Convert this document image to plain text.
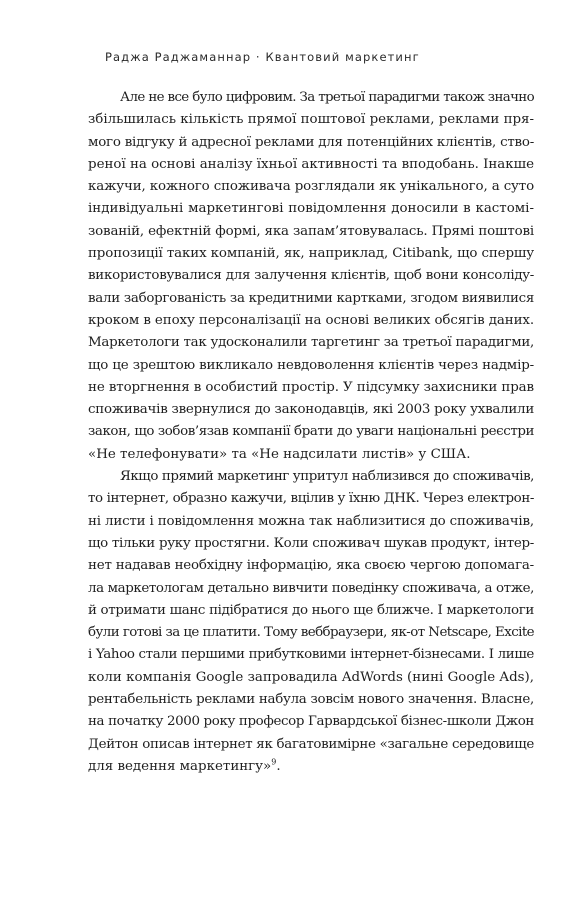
Раджа Раджаманнар · Квантовий маркетинг

Але не все було цифровим. За третьої парадигми також значно
збільшилась кількість прямої поштової реклами, реклами пря-
мого відгуку й адресної реклами для потенційних клієнтів, ство-
реної на основі аналізу їхньої активності та вподобань. Інакше
кажучи, кожного споживача розглядали як унікального, а суто
індивідуальні маркетингові повідомлення доносили в кастомі-
зованій, ефектній формі, яка запам’ятовувалась. Прямі поштові
пропозиції таких компаній, як, наприклад, Citibank, що спершу
використовувалися для залучення клієнтів, щоб вони консолідy-
вали заборгованість за кредитними картками, згодом виявилися
кроком в епоху персоналізації на основі великих обсягів даних.
Маркетологи так удосконалили таргетинг за третьої парадигми,
що це зрештою викликало невдоволення клієнтів через надмір-
не вторгнення в особистий простір. У підсумку захисники прав
споживачів звернулися до законодавців, які 2003 року ухвалили
закон, що зобов’язав компанії брати до уваги національні реєстри
«Не телефонувати» та «Не надсилати листів» у США.

Якщо прямий маркетинг упритул наблизився до споживачів,
то інтернет, образно кажучи, вцілив у їхню ДНК. Через електрон-
ні листи і повідомлення можна так наблизитися до споживачів,
що тільки руку простягни. Коли споживач шукав продукт, інтер-
нет надавав необхідну інформацію, яка своєю чергою допомага-
ла маркетологам детально вивчити поведінку споживача, а отже,
й отримати шанс підібратися до нього ще ближче. І маркетологи
були готові за це платити. Тому веббраузери, як-от Netscape, Excite
і Yahoo стали першими прибутковими інтернет-бізнесами. І лише
коли компанія Google запровадила AdWords (нині Google Ads),
рентабельність реклами набула зовсім нового значення. Власне,
на початку 2000 року професор Гарвардської бізнес-школи Джон
Дейтон описав інтернет як багатовимірне «загальне середовище
для ведення маркетингу»$^9$.
